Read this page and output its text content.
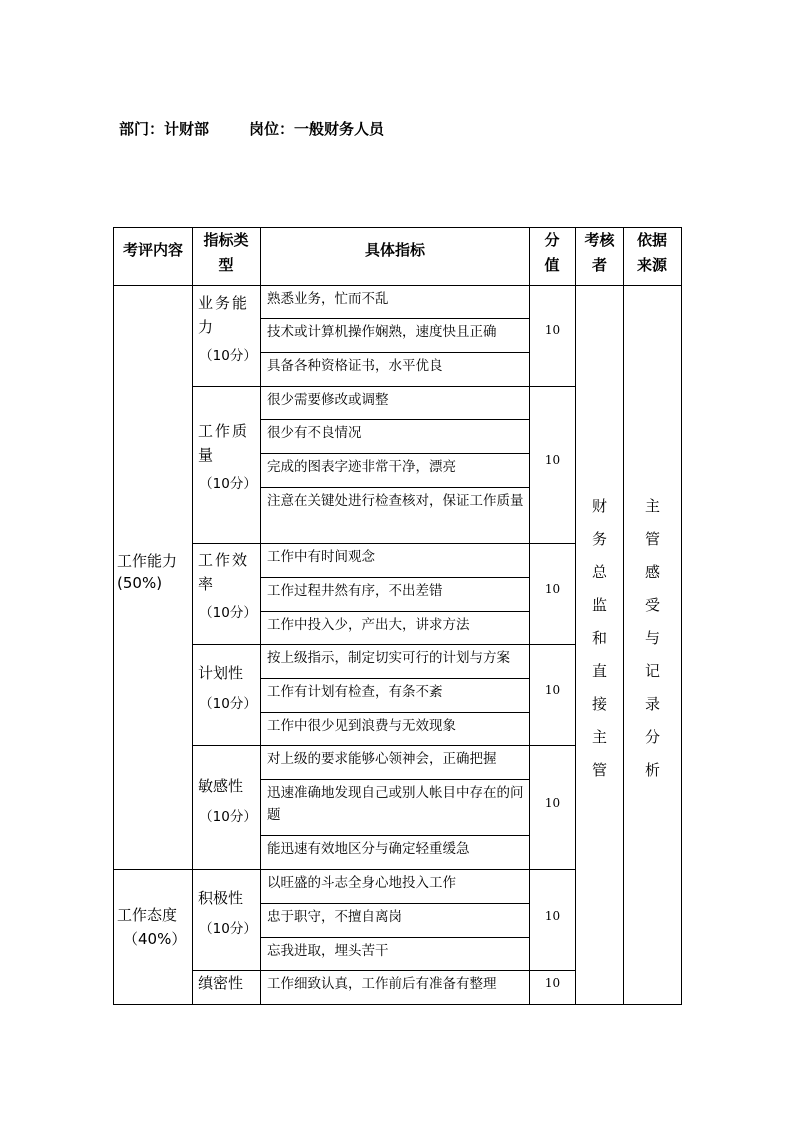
部门：计财部	岗位：一般财务人员
考评内容
指标类型
具体指标
分值
考核者
依据来源
工作能力
(50%)
工作态度
（40%）
业务能力
（10分）
工作质量
（10分）
工作效率
（10分）
计划性
（10分）
敏感性
（10分）
积极性
（10分）
缜密性
熟悉业务，忙而不乱
技术或计算机操作娴熟，速度快且正确
具备各种资格证书，水平优良
很少需要修改或调整
很少有不良情况
完成的图表字迹非常干净，漂亮
注意在关键处进行检查核对，保证工作质量
工作中有时间观念
工作过程井然有序，不出差错
工作中投入少，产出大，讲求方法
按上级指示，制定切实可行的计划与方案
工作有计划有检查，有条不紊
工作中很少见到浪费与无效现象
对上级的要求能够心领神会，正确把握
迅速准确地发现自己或别人帐目中存在的问题
能迅速有效地区分与确定轻重缓急
以旺盛的斗志全身心地投入工作
忠于职守，不擅自离岗
忘我进取，埋头苦干
工作细致认真，工作前后有准备有整理
10
10
10
10
10
10
10
财
务
总
监
和
直
接
主
管
主
管
感
受
与
记
录
分
析
